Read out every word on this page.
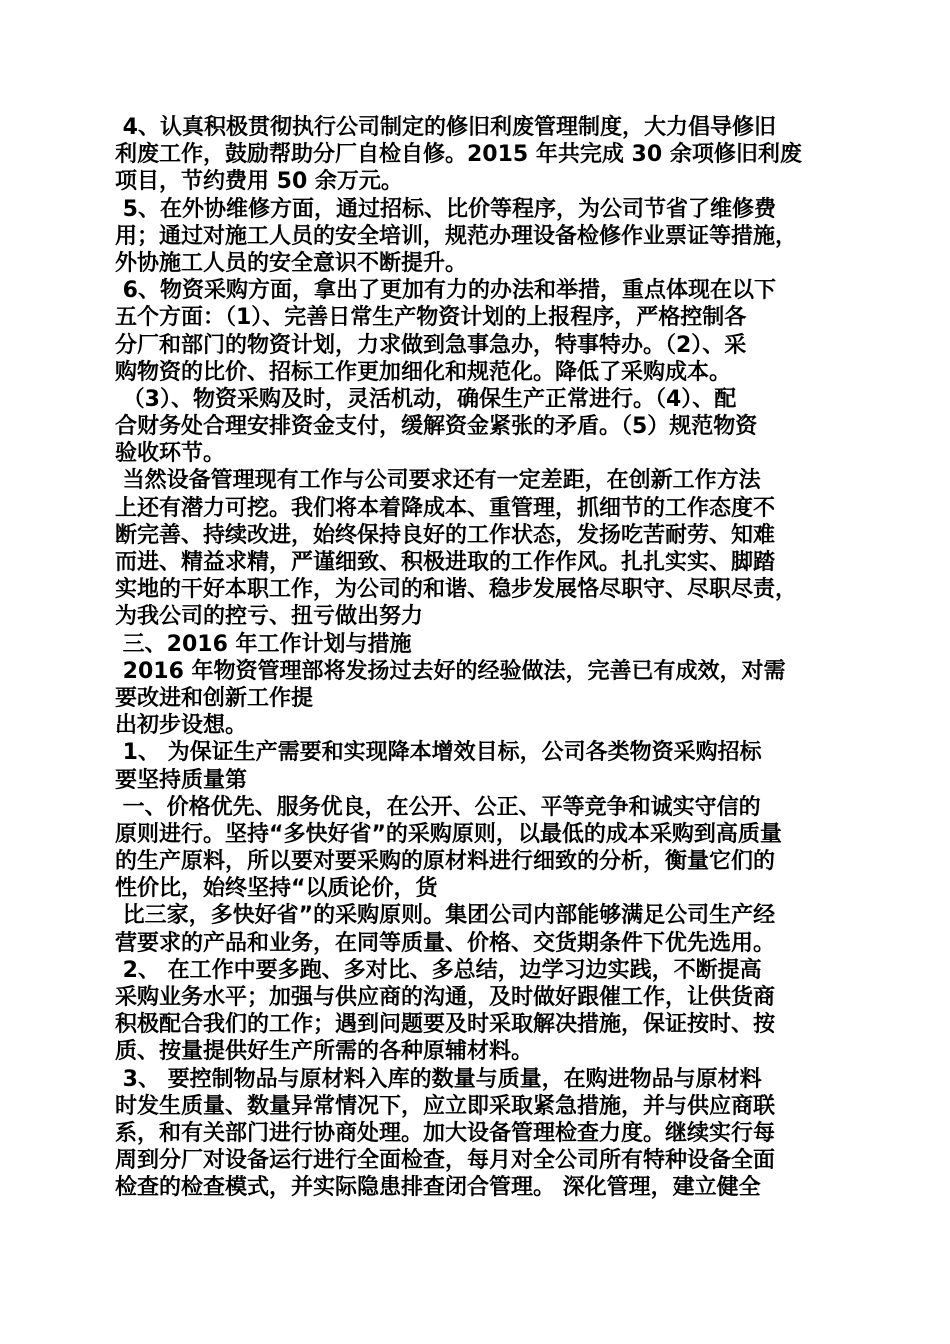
4、认真积极贯彻执行公司制定的修旧利废管理制度，大力倡导修旧
利废工作，鼓励帮助分厂自检自修。2015 年共完成 30 余项修旧利废
项目，节约费用 50 余万元。
5、在外协维修方面，通过招标、比价等程序，为公司节省了维修费
用；通过对施工人员的安全培训，规范办理设备检修作业票证等措施，
外协施工人员的安全意识不断提升。
6、物资采购方面，拿出了更加有力的办法和举措，重点体现在以下
五个方面：（1）、完善日常生产物资计划的上报程序，严格控制各
分厂和部门的物资计划，力求做到急事急办，特事特办。（2）、采
购物资的比价、招标工作更加细化和规范化。降低了采购成本。
（3）、物资采购及时，灵活机动，确保生产正常进行。（4）、配
合财务处合理安排资金支付，缓解资金紧张的矛盾。（5）规范物资
验收环节。
当然设备管理现有工作与公司要求还有一定差距，在创新工作方法
上还有潜力可挖。我们将本着降成本、重管理，抓细节的工作态度不
断完善、持续改进，始终保持良好的工作状态，发扬吃苦耐劳、知难
而进、精益求精，严谨细致、积极进取的工作作风。扎扎实实、脚踏
实地的干好本职工作，为公司的和谐、稳步发展恪尽职守、尽职尽责，
为我公司的控亏、扭亏做出努力
三、2016 年工作计划与措施
2016 年物资管理部将发扬过去好的经验做法，完善已有成效，对需
要改进和创新工作提
出初步设想。
1、 为保证生产需要和实现降本增效目标，公司各类物资采购招标
要坚持质量第
一、价格优先、服务优良，在公开、公正、平等竞争和诚实守信的
原则进行。坚持“多快好省”的采购原则，以最低的成本采购到高质量
的生产原料，所以要对要采购的原材料进行细致的分析，衡量它们的
性价比，始终坚持“以质论价，货
比三家，多快好省”的采购原则。集团公司内部能够满足公司生产经
营要求的产品和业务，在同等质量、价格、交货期条件下优先选用。
2、 在工作中要多跑、多对比、多总结，边学习边实践，不断提高
采购业务水平；加强与供应商的沟通，及时做好跟催工作，让供货商
积极配合我们的工作；遇到问题要及时采取解决措施，保证按时、按
质、按量提供好生产所需的各种原辅材料。
3、 要控制物品与原材料入库的数量与质量，在购进物品与原材料
时发生质量、数量异常情况下，应立即采取紧急措施，并与供应商联
系，和有关部门进行协商处理。加大设备管理检查力度。继续实行每
周到分厂对设备运行进行全面检查，每月对全公司所有特种设备全面
检查的检查模式，并实际隐患排查闭合管理。 深化管理，建立健全
